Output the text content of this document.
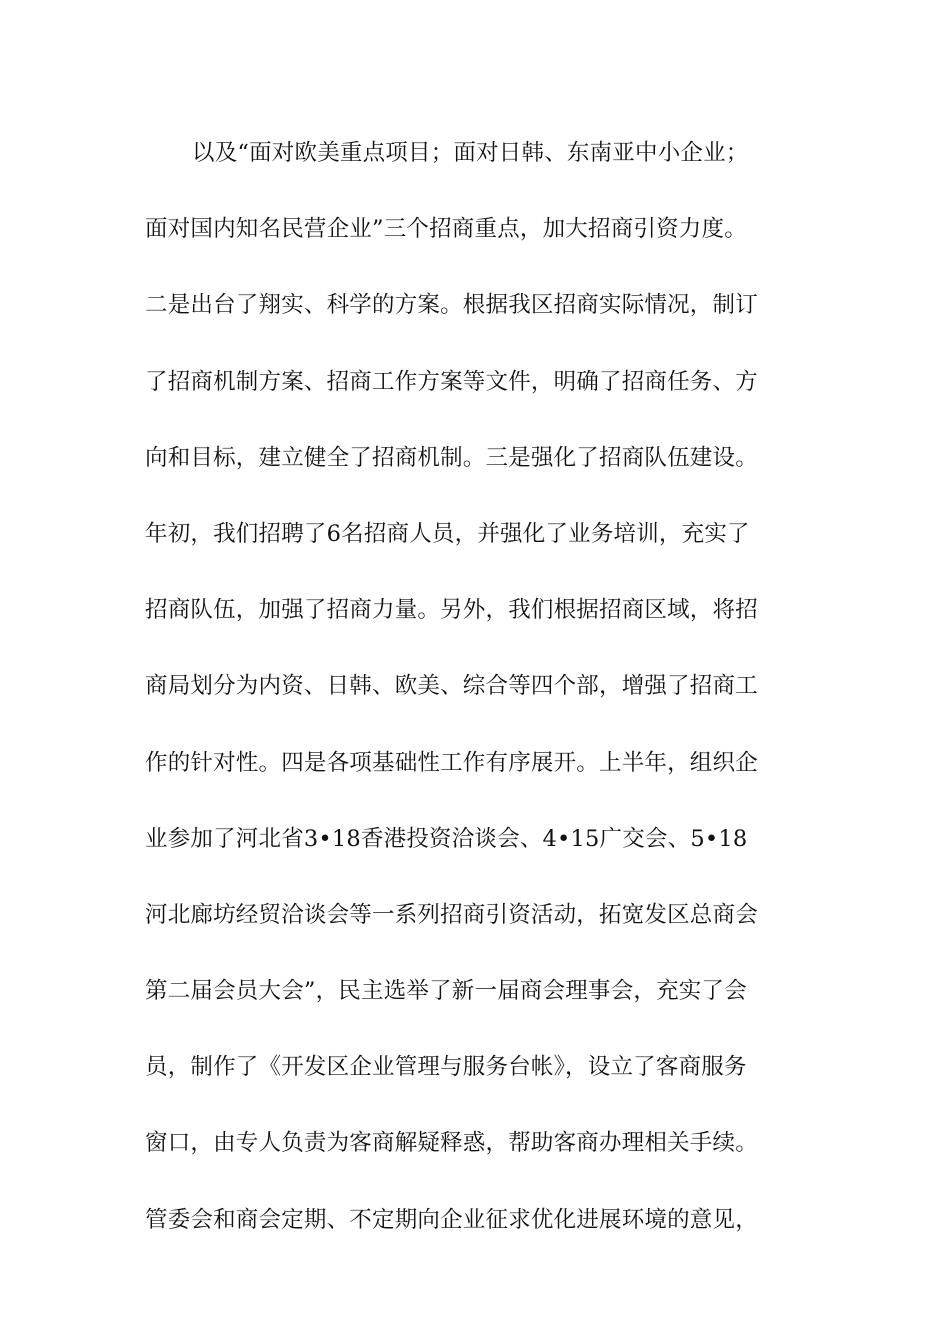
以及“面对欧美重点项目；面对日韩、东南亚中小企业；
面对国内知名民营企业”三个招商重点，加大招商引资力度。
二是出台了翔实、科学的方案。根据我区招商实际情况，制订
了招商机制方案、招商工作方案等文件，明确了招商任务、方
向和目标，建立健全了招商机制。三是强化了招商队伍建设。
年初，我们招聘了6名招商人员，并强化了业务培训，充实了
招商队伍，加强了招商力量。另外，我们根据招商区域，将招
商局划分为内资、日韩、欧美、综合等四个部，增强了招商工
作的针对性。四是各项基础性工作有序展开。上半年，组织企
业参加了河北省3•18香港投资洽谈会、4•15广交会、5•18
河北廊坊经贸洽谈会等一系列招商引资活动，拓宽发区总商会
第二届会员大会”，民主选举了新一届商会理事会，充实了会
员，制作了《开发区企业管理与服务台帐》，设立了客商服务
窗口，由专人负责为客商解疑释惑，帮助客商办理相关手续。
管委会和商会定期、不定期向企业征求优化进展环境的意见，
